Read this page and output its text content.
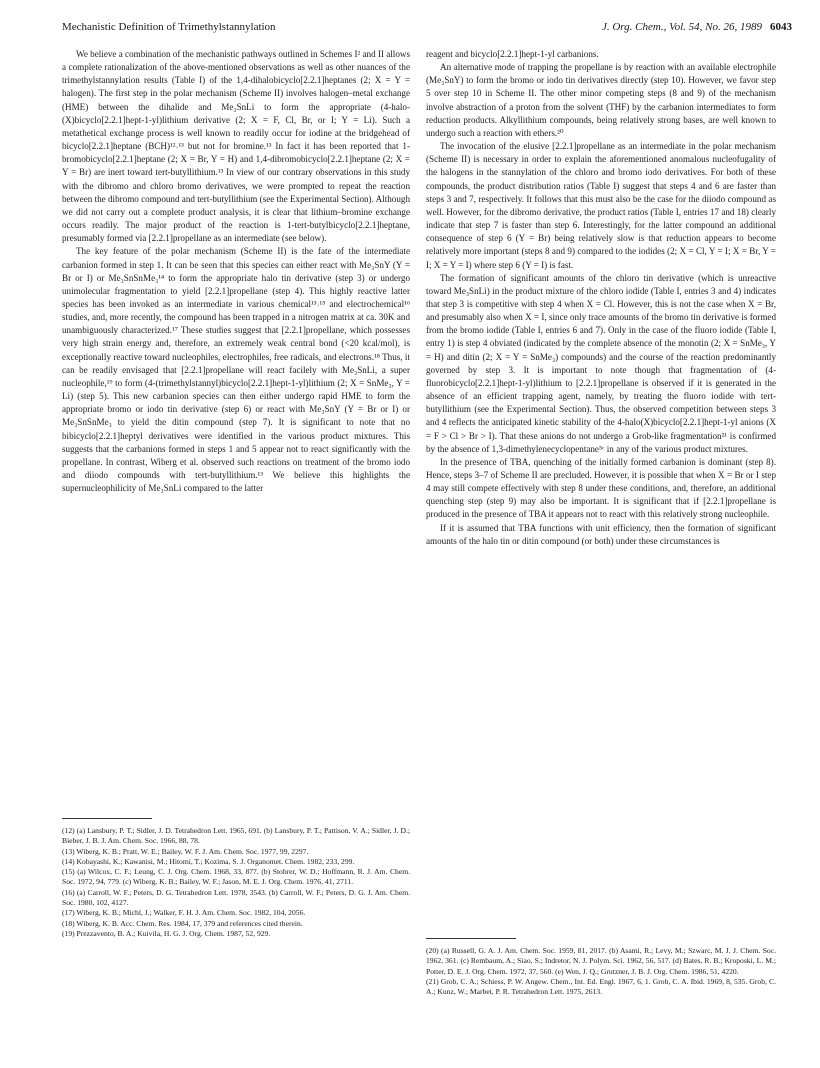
Mechanistic Definition of Trimethylstannylation	J. Org. Chem., Vol. 54, No. 26, 1989 6043

We believe a combination of the mechanistic pathways outlined in Schemes I² and II allows a complete rationalization of the above-mentioned observations as well as other nuances of the trimethylstannylation results (Table I) of the 1,4-dihalobicyclo[2.2.1]heptanes (2; X = Y = halogen). The first step in the polar mechanism (Scheme II) involves halogen–metal exchange (HME) between the dihalide and Me₃SnLi to form the appropriate (4-halo-(X)bicyclo[2.2.1]hept-1-yl)lithium derivative (2; X = F, Cl, Br, or I; Y = Li). Such a metathetical exchange process is well known to readily occur for iodine at the bridgehead of bicyclo[2.2.1]heptane (BCH)¹²˒¹³ but not for bromine.¹³ In fact it has been reported that 1-bromobicyclo[2.2.1]heptane (2; X = Br, Y = H) and 1,4-dibromobicyclo[2.2.1]heptane (2; X = Y = Br) are inert toward tert-butyllithium.¹³ In view of our contrary observations in this study with the dibromo and chloro bromo derivatives, we were prompted to repeat the reaction between the dibromo compound and tert-butyllithium (see the Experimental Section). Although we did not carry out a complete product analysis, it is clear that lithium–bromine exchange occurs readily. The major product of the reaction is 1-tert-butylbicyclo[2.2.1]heptane, presumably formed via [2.2.1]propellane as an intermediate (see below).

The key feature of the polar mechanism (Scheme II) is the fate of the intermediate carbanion formed in step 1. It can be seen that this species can either react with Me₃SnY (Y = Br or I) or Me₃SnSnMe₃¹⁴ to form the appropriate halo tin derivative (step 3) or undergo unimolecular fragmentation to yield [2.2.1]propellane (step 4). This highly reactive latter species has been invoked as an intermediate in various chemical¹³˒¹⁵ and electrochemical¹⁶ studies, and, more recently, the compound has been trapped in a nitrogen matrix at ca. 30K and unambiguously characterized.¹⁷ These studies suggest that [2.2.1]propellane, which possesses very high strain energy and, therefore, an extremely weak central bond (<20 kcal/mol), is exceptionally reactive toward nucleophiles, electrophiles, free radicals, and electrons.¹⁸ Thus, it can be readily envisaged that [2.2.1]propellane will react facilely with Me₃SnLi, a super nucleophile,¹⁹ to form (4-(trimethylstannyl)bicyclo[2.2.1]hept-1-yl)lithium (2; X = SnMe₃, Y = Li) (step 5). This new carbanion species can then either undergo rapid HME to form the appropriate bromo or iodo tin derivative (step 6) or react with Me₃SnY (Y = Br or I) or Me₃SnSnMe₃ to yield the ditin compound (step 7). It is significant to note that no bibicyclo[2.2.1]heptyl derivatives were identified in the various product mixtures. This suggests that the carbanions formed in steps 1 and 5 appear not to react significantly with the propellane. In contrast, Wiberg et al. observed such reactions on treatment of the bromo iodo and diiodo compounds with tert-butyllithium.¹³ We believe this highlights the supernucleophilicity of Me₃SnLi compared to the latter

reagent and bicyclo[2.2.1]hept-1-yl carbanions.

An alternative mode of trapping the propellane is by reaction with an available electrophile (Me₃SnY) to form the bromo or iodo tin derivatives directly (step 10). However, we favor step 5 over step 10 in Scheme II. The other minor competing steps (8 and 9) of the mechanism involve abstraction of a proton from the solvent (THF) by the carbanion intermediates to form reduction products. Alkyllithium compounds, being relatively strong bases, are well known to undergo such a reaction with ethers.²⁰

The invocation of the elusive [2.2.1]propellane as an intermediate in the polar mechanism (Scheme II) is necessary in order to explain the aforementioned anomalous nucleofugality of the halogens in the stannylation of the chloro and bromo iodo derivatives. For both of these compounds, the product distribution ratios (Table I) suggest that steps 4 and 6 are faster than steps 3 and 7, respectively. It follows that this must also be the case for the diiodo compound as well. However, for the dibromo derivative, the product ratios (Table I, entries 17 and 18) clearly indicate that step 7 is faster than step 6. Interestingly, for the latter compound an additional consequence of step 6 (Y = Br) being relatively slow is that reduction appears to become relatively more important (steps 8 and 9) compared to the iodides (2; X = Cl, Y = I; X = Br, Y = I; X = Y = I) where step 6 (Y = I) is fast.

The formation of significant amounts of the chloro tin derivative (which is unreactive toward Me₃SnLi) in the product mixture of the chloro iodide (Table I, entries 3 and 4) indicates that step 3 is competitive with step 4 when X = Cl. However, this is not the case when X = Br, and presumably also when X = I, since only trace amounts of the bromo tin derivative is formed from the bromo iodide (Table I, entries 6 and 7). Only in the case of the fluoro iodide (Table I, entry 1) is step 4 obviated (indicated by the complete absence of the monotin (2; X = SnMe₃, Y = H) and ditin (2; X = Y = SnMe₃) compounds) and the course of the reaction predominantly governed by step 3. It is important to note though that fragmentation of (4-fluorobicyclo[2.2.1]hept-1-yl)lithium to [2.2.1]propellane is observed if it is generated in the absence of an efficient trapping agent, namely, by treating the fluoro iodide with tert-butyllithium (see the Experimental Section). Thus, the observed competition between steps 3 and 4 reflects the anticipated kinetic stability of the 4-halo(X)bicyclo[2.2.1]hept-1-yl anions (X = F > Cl > Br > I). That these anions do not undergo a Grob-like fragmentation²¹ is confirmed by the absence of 1,3-dimethylenecyclopentane⁵ᶜ in any of the various product mixtures.

In the presence of TBA, quenching of the initially formed carbanion is dominant (step 8). Hence, steps 3–7 of Scheme II are precluded. However, it is possible that when X = Br or I step 4 may still compete effectively with step 8 under these conditions, and, therefore, an additional quenching step (step 9) may also be important. It is significant that if [2.2.1]propellane is produced in the presence of TBA it appears not to react with this relatively strong nucleophile.

If it is assumed that TBA functions with unit efficiency, then the formation of significant amounts of the halo tin or ditin compound (or both) under these circumstances is

(12) (a) Lansbury, P. T.; Sidler, J. D. Tetrahedron Lett. 1965, 691. (b) Lansbury, P. T.; Pattison, V. A.; Sidler, J. D.; Bieber, J. B. J. Am. Chem. Soc. 1966, 88, 78.

(13) Wiberg, K. B.; Pratt, W. E.; Bailey, W. F. J. Am. Chem. Soc. 1977, 99, 2297.

(14) Kobayashi, K.; Kawanisi, M.; Hitomi, T.; Kozima, S. J. Organomet. Chem. 1982, 233, 299.

(15) (a) Wilcox, C. F.; Leung, C. J. Org. Chem. 1968, 33, 877. (b) Stohrer, W. D.; Hoffmann, R. J. Am. Chem. Soc. 1972, 94, 779. (c) Wiberg, K. B.; Bailey, W. F.; Jason, M. E. J. Org. Chem. 1976, 41, 2711.

(16) (a) Carroll, W. F.; Peters, D. G. Tetrahedron Lett. 1978, 3543. (b) Carroll, W. F.; Peters, D. G. J. Am. Chem. Soc. 1980, 102, 4127.

(17) Wiberg, K. B.; Michl, J.; Walker, F. H. J. Am. Chem. Soc. 1982, 104, 2056.

(18) Wiberg, K. B. Acc. Chem. Res. 1984, 17, 379 and references cited therein.

(19) Prezzavento, B. A.; Kuivila, H. G. J. Org. Chem. 1987, 52, 929.

(20) (a) Russell, G. A. J. Am. Chem. Soc. 1959, 81, 2017. (b) Asami, R.; Levy, M.; Szwarc, M. J. J. Chem. Soc. 1962, 361. (c) Rembaum, A.; Siao, S.; Indretor, N. J. Polym. Sci. 1962, 56, 517. (d) Bates, R. B.; Kroposki, L. M.; Potter, D. E. J. Org. Chem. 1972, 37, 560. (e) Wen, J. Q.; Grutzner, J. B. J. Org. Chem. 1986, 51, 4220.

(21) Grob, C. A.; Schiess, P. W. Angew. Chem., Int. Ed. Engl. 1967, 6, 1. Grob, C. A. Ibid. 1969, 8, 535. Grob, C. A.; Kunz, W.; Marbet, P. R. Tetrahedron Lett. 1975, 2613.
